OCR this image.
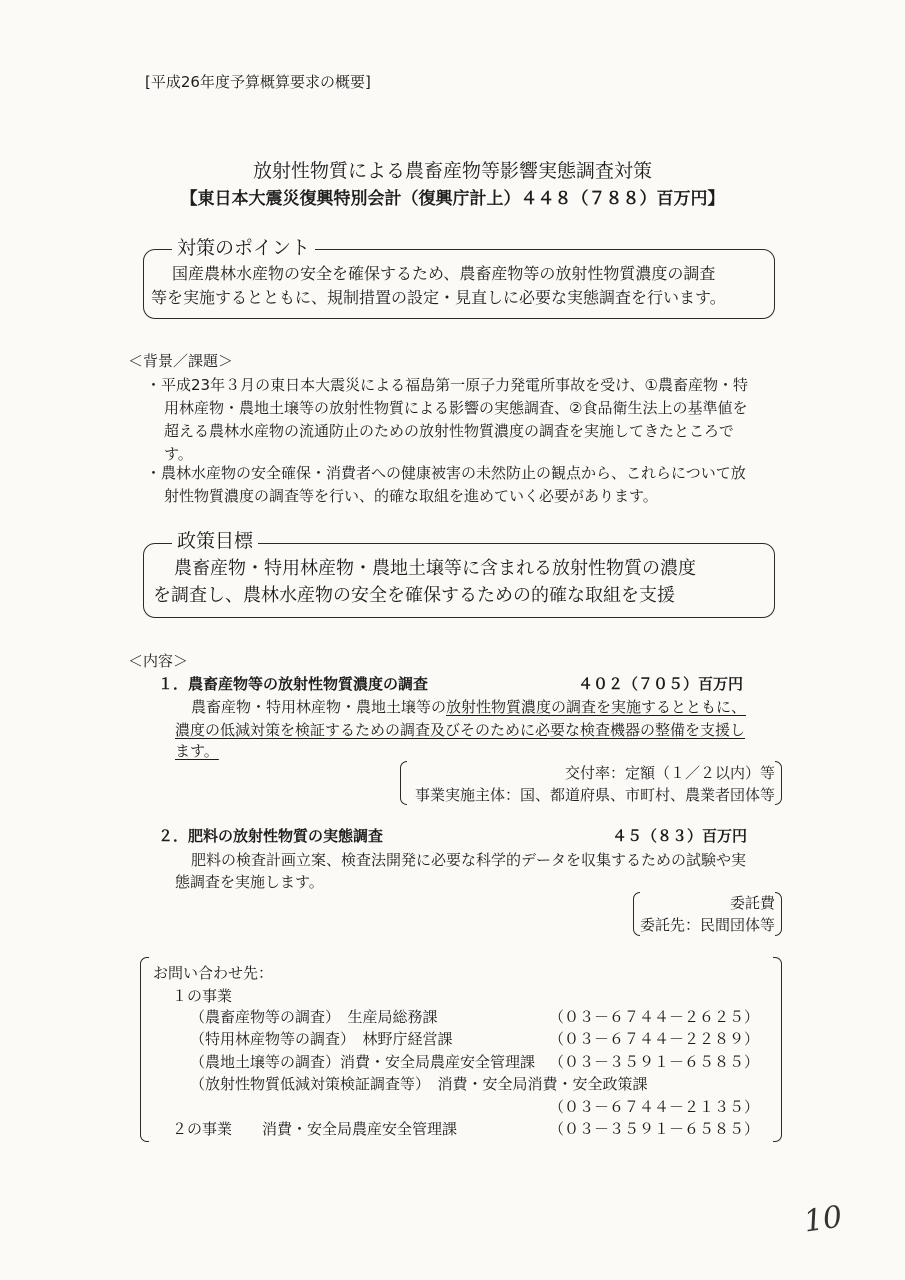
[平成26年度予算概算要求の概要]
放射性物質による農畜産物等影響実態調査対策
【東日本大震災復興特別会計（復興庁計上）４４８（７８８）百万円】
対策のポイント
国産農林水産物の安全を確保するため、農畜産物等の放射性物質濃度の調査
等を実施するとともに、規制措置の設定・見直しに必要な実態調査を行います。
＜背景／課題＞
・平成23年３月の東日本大震災による福島第一原子力発電所事故を受け、①農畜産物・特
用林産物・農地土壌等の放射性物質による影響の実態調査、②食品衛生法上の基準値を
超える農林水産物の流通防止のための放射性物質濃度の調査を実施してきたところで
す。
・農林水産物の安全確保・消費者への健康被害の未然防止の観点から、これらについて放
射性物質濃度の調査等を行い、的確な取組を進めていく必要があります。
政策目標
農畜産物・特用林産物・農地土壌等に含まれる放射性物質の濃度
を調査し、農林水産物の安全を確保するための的確な取組を支援
＜内容＞
１．農畜産物等の放射性物質濃度の調査	４０２（７０５）百万円
農畜産物・特用林産物・農地土壌等の放射性物質濃度の調査を実施するとともに、
濃度の低減対策を検証するための調査及びそのために必要な検査機器の整備を支援し
ます。
交付率：定額（１／２以内）等
事業実施主体：国、都道府県、市町村、農業者団体等
２．肥料の放射性物質の実態調査	４５（８３）百万円
肥料の検査計画立案、検査法開発に必要な科学的データを収集するための試験や実
態調査を実施します。
委託費
委託先：民間団体等
お問い合わせ先：
１の事業
（農畜産物等の調査）　生産局総務課	（０３－６７４４－２６２５）
（特用林産物等の調査）　林野庁経営課	（０３－６７４４－２２８９）
（農地土壌等の調査）消費・安全局農産安全管理課 （０３－３５９１－６５８５）
（放射性物質低減対策検証調査等）　消費・安全局消費・安全政策課
（０３－６７４４－２１３５）
２の事業　　消費・安全局農産安全管理課	（０３－３５９１－６５８５）
10
